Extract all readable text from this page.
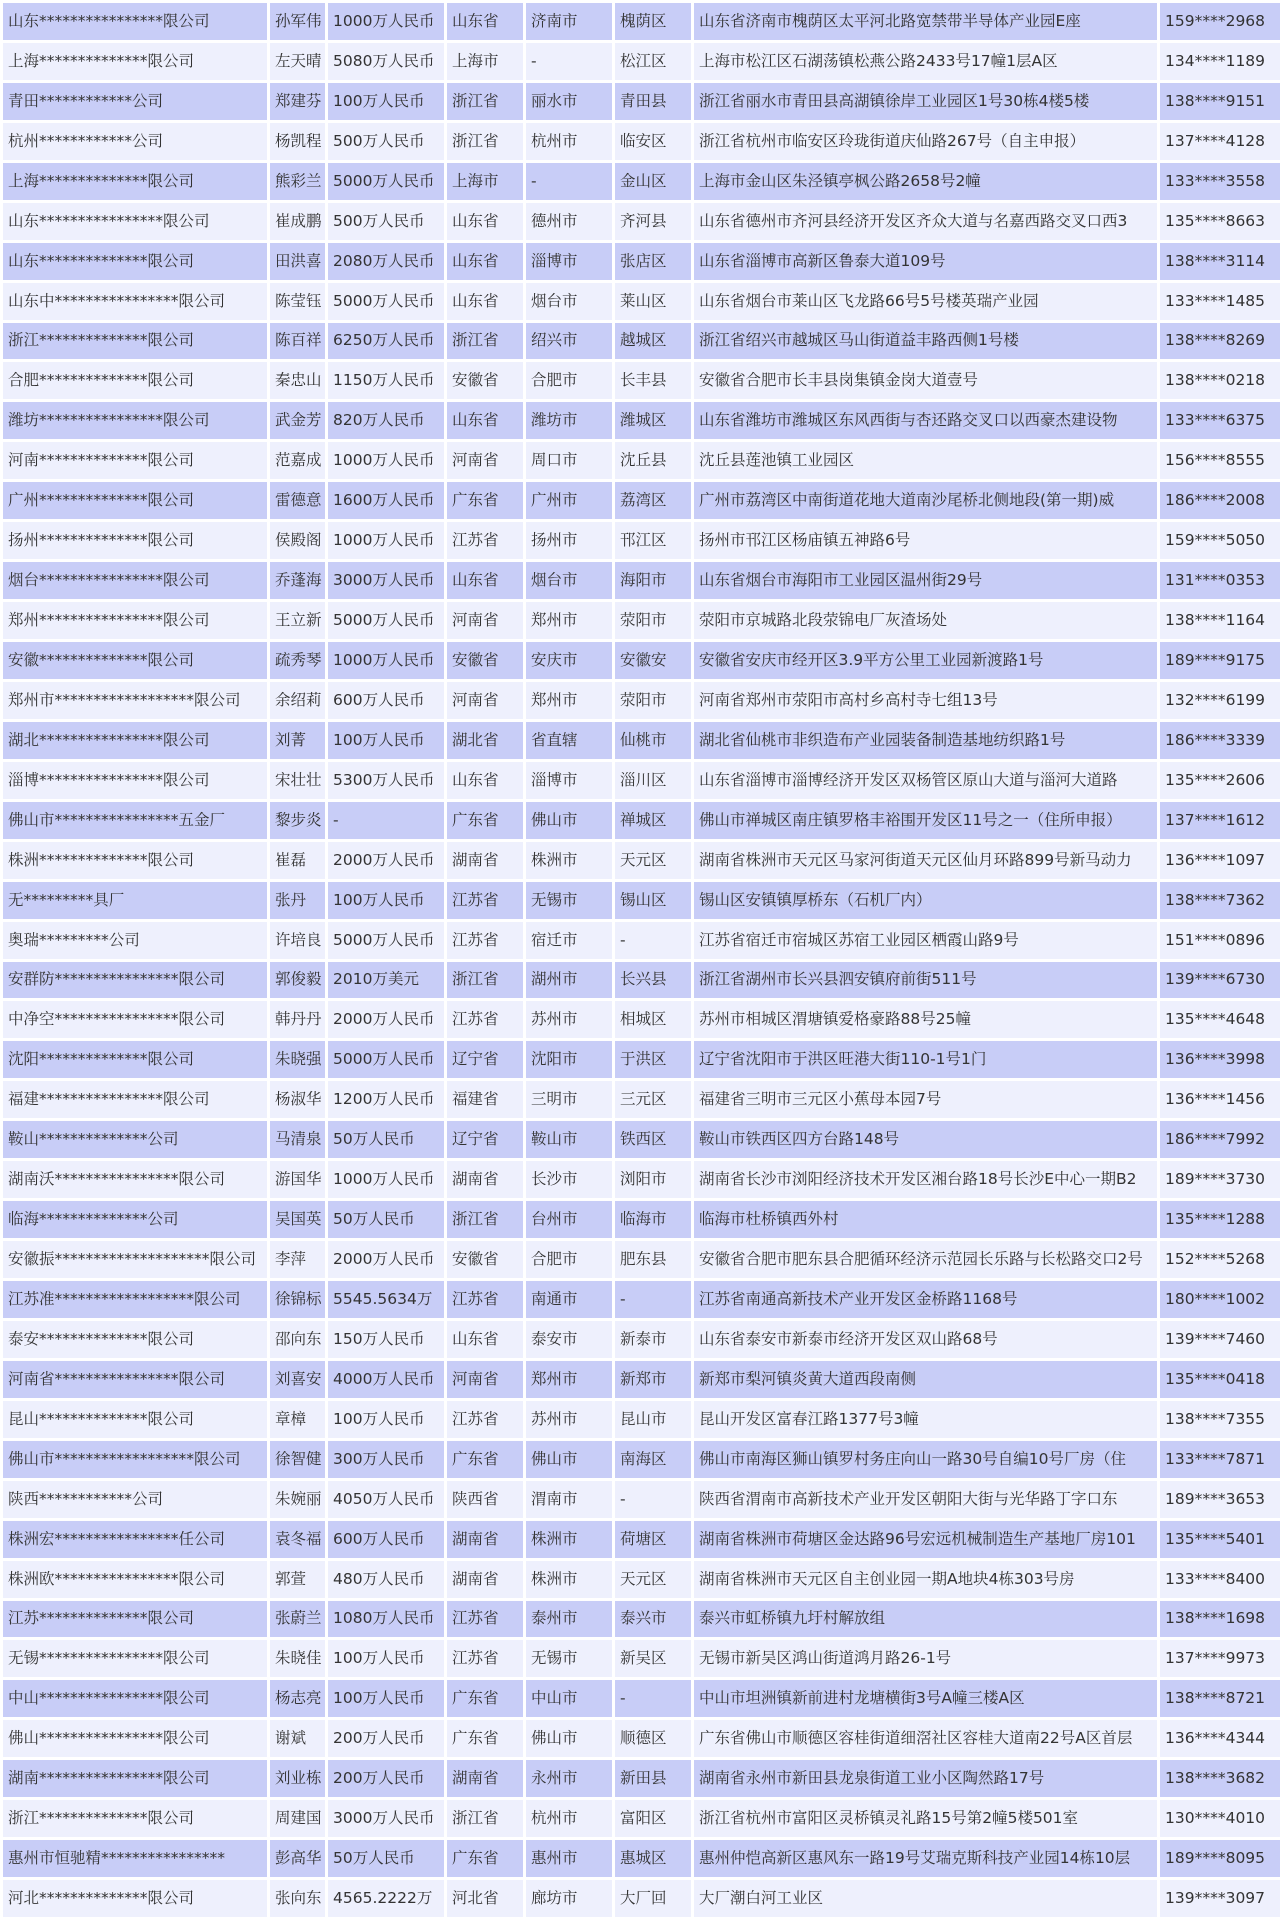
山东****************限公司	孙军伟	1000万人民币	山东省	济南市	槐荫区	山东省济南市槐荫区太平河北路宽禁带半导体产业园E座	159****2968
上海**************限公司	左天晴	5080万人民币	上海市	-	松江区	上海市松江区石湖荡镇松燕公路2433号17幢1层A区	134****1189
青田************公司	郑建芬	100万人民币	浙江省	丽水市	青田县	浙江省丽水市青田县高湖镇徐岸工业园区1号30栋4楼5楼	138****9151
杭州************公司	杨凯程	500万人民币	浙江省	杭州市	临安区	浙江省杭州市临安区玲珑街道庆仙路267号（自主申报）	137****4128
上海**************限公司	熊彩兰	5000万人民币	上海市	-	金山区	上海市金山区朱泾镇亭枫公路2658号2幢	133****3558
山东****************限公司	崔成鹏	500万人民币	山东省	德州市	齐河县	山东省德州市齐河县经济开发区齐众大道与名嘉西路交叉口西3	135****8663
山东**************限公司	田洪喜	2080万人民币	山东省	淄博市	张店区	山东省淄博市高新区鲁泰大道109号	138****3114
山东中****************限公司	陈莹钰	5000万人民币	山东省	烟台市	莱山区	山东省烟台市莱山区飞龙路66号5号楼英瑞产业园	133****1485
浙江**************限公司	陈百祥	6250万人民币	浙江省	绍兴市	越城区	浙江省绍兴市越城区马山街道益丰路西侧1号楼	138****8269
合肥**************限公司	秦忠山	1150万人民币	安徽省	合肥市	长丰县	安徽省合肥市长丰县岗集镇金岗大道壹号	138****0218
潍坊****************限公司	武金芳	820万人民币	山东省	潍坊市	潍城区	山东省潍坊市潍城区东风西街与杏还路交叉口以西豪杰建设物	133****6375
河南**************限公司	范嘉成	1000万人民币	河南省	周口市	沈丘县	沈丘县莲池镇工业园区	156****8555
广州**************限公司	雷德意	1600万人民币	广东省	广州市	荔湾区	广州市荔湾区中南街道花地大道南沙尾桥北侧地段(第一期)威	186****2008
扬州**************限公司	侯殿阁	1000万人民币	江苏省	扬州市	邗江区	扬州市邗江区杨庙镇五神路6号	159****5050
烟台****************限公司	乔蓬海	3000万人民币	山东省	烟台市	海阳市	山东省烟台市海阳市工业园区温州街29号	131****0353
郑州****************限公司	王立新	5000万人民币	河南省	郑州市	荥阳市	荥阳市京城路北段荥锦电厂灰渣场处	138****1164
安徽**************限公司	疏秀琴	1000万人民币	安徽省	安庆市	安徽安	安徽省安庆市经开区3.9平方公里工业园新渡路1号	189****9175
郑州市******************限公司	余绍莉	600万人民币	河南省	郑州市	荥阳市	河南省郑州市荥阳市高村乡高村寺七组13号	132****6199
湖北****************限公司	刘菁	100万人民币	湖北省	省直辖	仙桃市	湖北省仙桃市非织造布产业园装备制造基地纺织路1号	186****3339
淄博****************限公司	宋壮壮	5300万人民币	山东省	淄博市	淄川区	山东省淄博市淄博经济开发区双杨管区原山大道与淄河大道路	135****2606
佛山市****************五金厂	黎步炎	-	广东省	佛山市	禅城区	佛山市禅城区南庄镇罗格丰裕围开发区11号之一（住所申报）	137****1612
株洲**************限公司	崔磊	2000万人民币	湖南省	株洲市	天元区	湖南省株洲市天元区马家河街道天元区仙月环路899号新马动力	136****1097
无*********具厂	张丹	100万人民币	江苏省	无锡市	锡山区	锡山区安镇镇厚桥东（石机厂内）	138****7362
奥瑞*********公司	许培良	5000万人民币	江苏省	宿迁市	-	江苏省宿迁市宿城区苏宿工业园区栖霞山路9号	151****0896
安群防****************限公司	郭俊毅	2010万美元	浙江省	湖州市	长兴县	浙江省湖州市长兴县泗安镇府前街511号	139****6730
中净空****************限公司	韩丹丹	2000万人民币	江苏省	苏州市	相城区	苏州市相城区渭塘镇爱格豪路88号25幢	135****4648
沈阳**************限公司	朱晓强	5000万人民币	辽宁省	沈阳市	于洪区	辽宁省沈阳市于洪区旺港大街110-1号1门	136****3998
福建****************限公司	杨淑华	1200万人民币	福建省	三明市	三元区	福建省三明市三元区小蕉母本园7号	136****1456
鞍山**************公司	马清泉	50万人民币	辽宁省	鞍山市	铁西区	鞍山市铁西区四方台路148号	186****7992
湖南沃****************限公司	游国华	1000万人民币	湖南省	长沙市	浏阳市	湖南省长沙市浏阳经济技术开发区湘台路18号长沙E中心一期B2	189****3730
临海**************公司	吴国英	50万人民币	浙江省	台州市	临海市	临海市杜桥镇西外村	135****1288
安徽振********************限公司	李萍	2000万人民币	安徽省	合肥市	肥东县	安徽省合肥市肥东县合肥循环经济示范园长乐路与长松路交口2号	152****5268
江苏准******************限公司	徐锦标	5545.5634万	江苏省	南通市	-	江苏省南通高新技术产业开发区金桥路1168号	180****1002
泰安**************限公司	邵向东	150万人民币	山东省	泰安市	新泰市	山东省泰安市新泰市经济开发区双山路68号	139****7460
河南省****************限公司	刘喜安	4000万人民币	河南省	郑州市	新郑市	新郑市梨河镇炎黄大道西段南侧	135****0418
昆山**************限公司	章樟	100万人民币	江苏省	苏州市	昆山市	昆山开发区富春江路1377号3幢	138****7355
佛山市******************限公司	徐智健	300万人民币	广东省	佛山市	南海区	佛山市南海区狮山镇罗村务庄向山一路30号自编10号厂房（住	133****7871
陕西************公司	朱婉丽	4050万人民币	陕西省	渭南市	-	陕西省渭南市高新技术产业开发区朝阳大街与光华路丁字口东	189****3653
株洲宏****************任公司	袁冬福	600万人民币	湖南省	株洲市	荷塘区	湖南省株洲市荷塘区金达路96号宏远机械制造生产基地厂房101	135****5401
株洲欧****************限公司	郭萱	480万人民币	湖南省	株洲市	天元区	湖南省株洲市天元区自主创业园一期A地块4栋303号房	133****8400
江苏**************限公司	张蔚兰	1080万人民币	江苏省	泰州市	泰兴市	泰兴市虹桥镇九圩村解放组	138****1698
无锡****************限公司	朱晓佳	100万人民币	江苏省	无锡市	新吴区	无锡市新吴区鸿山街道鸿月路26-1号	137****9973
中山****************限公司	杨志亮	100万人民币	广东省	中山市	-	中山市坦洲镇新前进村龙塘横街3号A幢三楼A区	138****8721
佛山****************限公司	谢斌	200万人民币	广东省	佛山市	顺德区	广东省佛山市顺德区容桂街道细滘社区容桂大道南22号A区首层	136****4344
湖南****************限公司	刘业栋	200万人民币	湖南省	永州市	新田县	湖南省永州市新田县龙泉街道工业小区陶然路17号	138****3682
浙江**************限公司	周建国	3000万人民币	浙江省	杭州市	富阳区	浙江省杭州市富阳区灵桥镇灵礼路15号第2幢5楼501室	130****4010
惠州市恒驰精****************	彭高华	50万人民币	广东省	惠州市	惠城区	惠州仲恺高新区惠风东一路19号艾瑞克斯科技产业园14栋10层	189****8095
河北**************限公司	张向东	4565.2222万	河北省	廊坊市	大厂回	大厂潮白河工业区	139****3097
